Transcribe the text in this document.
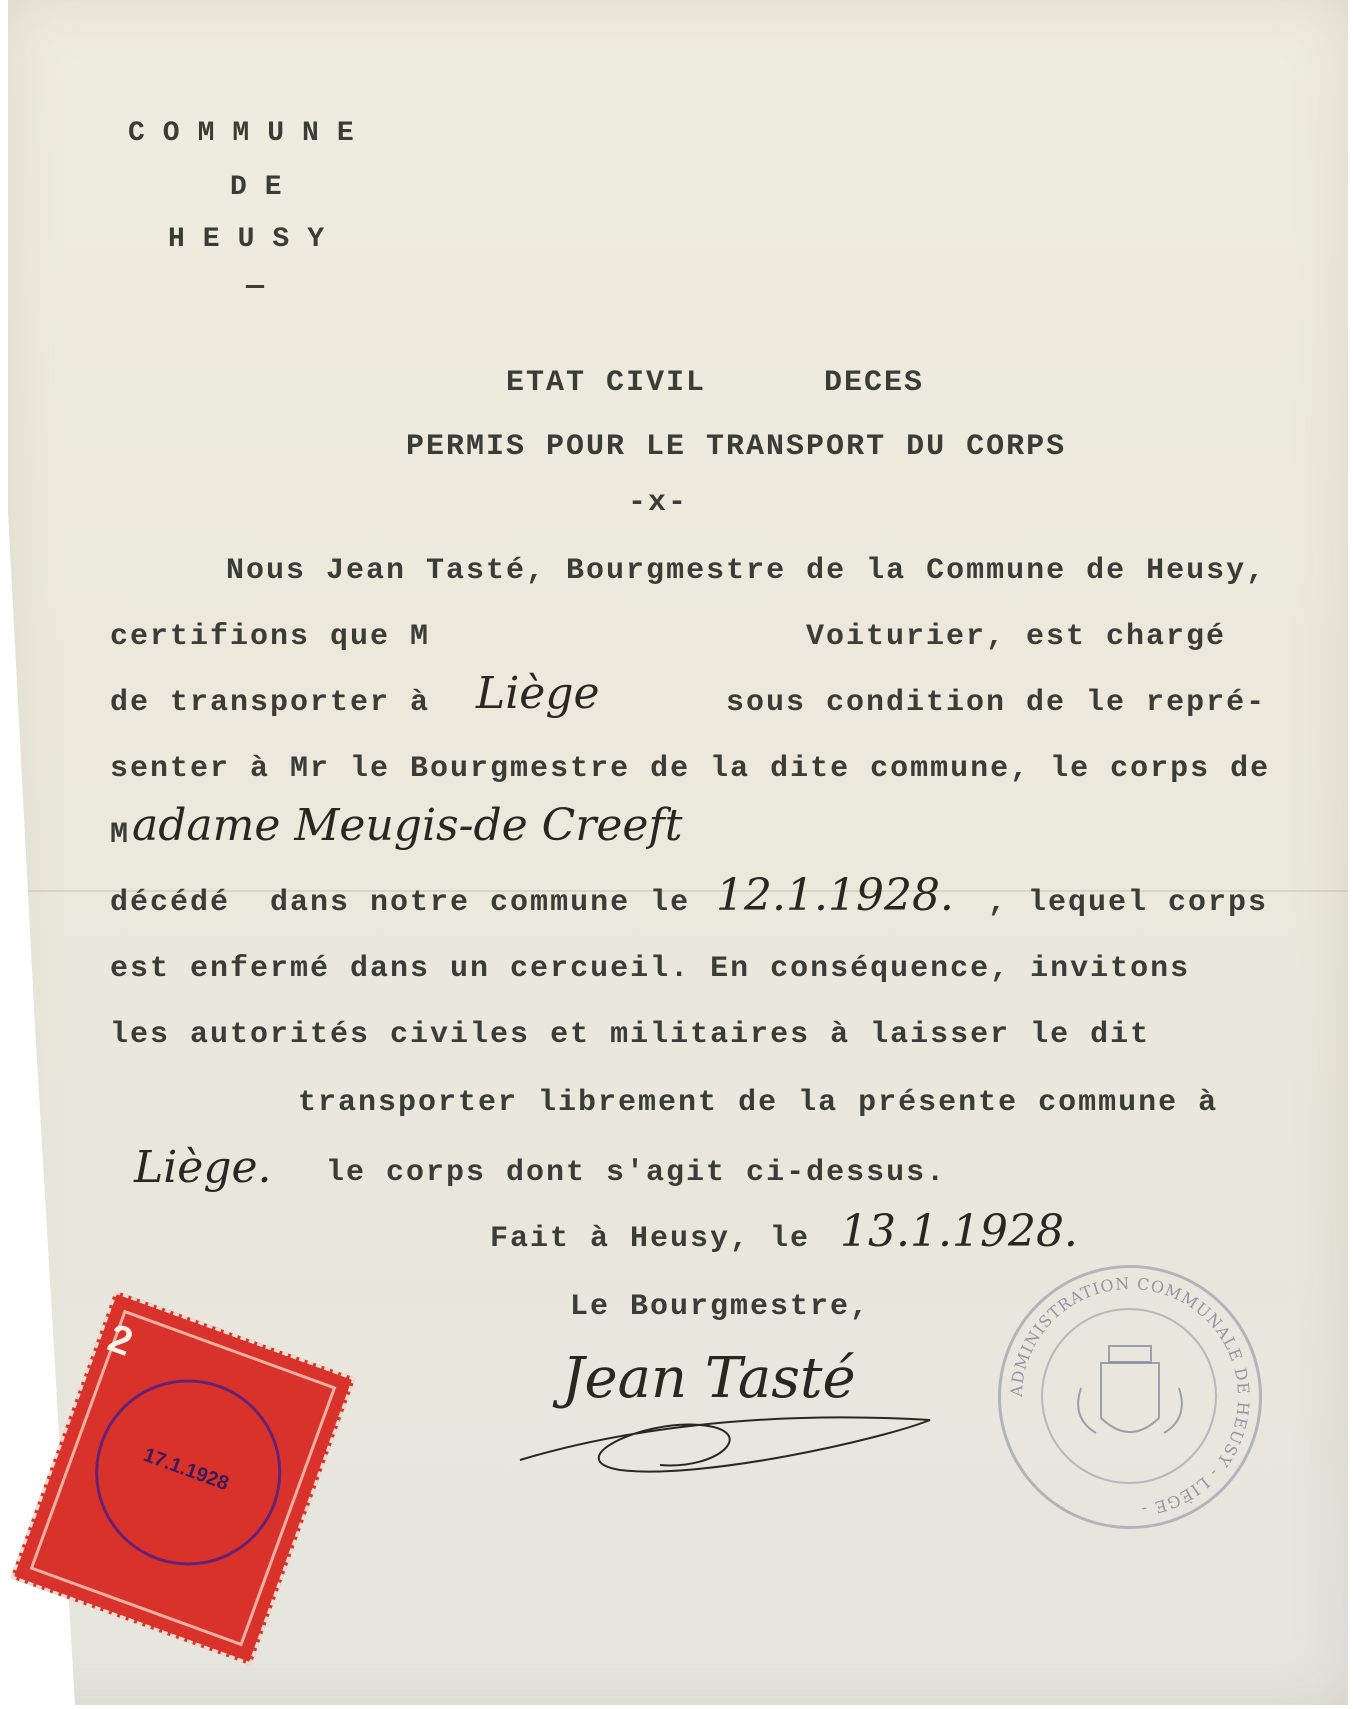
COMMUNE
DE
HEUSY
—
ETAT CIVIL	DECES
PERMIS POUR LE TRANSPORT DU CORPS
-x-
Nous Jean Tasté, Bourgmestre de la Commune de Heusy,
certifions que M	Voiturier, est chargé
de transporter à Liège	sous condition de le repré-
senter à Mr le Bourgmestre de la dite commune, le corps de
M adame Meugis-de Creeft
décédé  dans notre commune le 12.1.1928. , lequel corps
est enfermé dans un cercueil. En conséquence, invitons
les autorités civiles et militaires à laisser le dit
transporter librement de la présente commune à
Liège. le corps dont s'agit ci-dessus.
Fait à Heusy, le 13.1.1928.
Le Bourgmestre,
Jean Tasté	ADMINISTRATION COMMUNALE DE HEUSY - LIÈGE -
2
17.1.1928
